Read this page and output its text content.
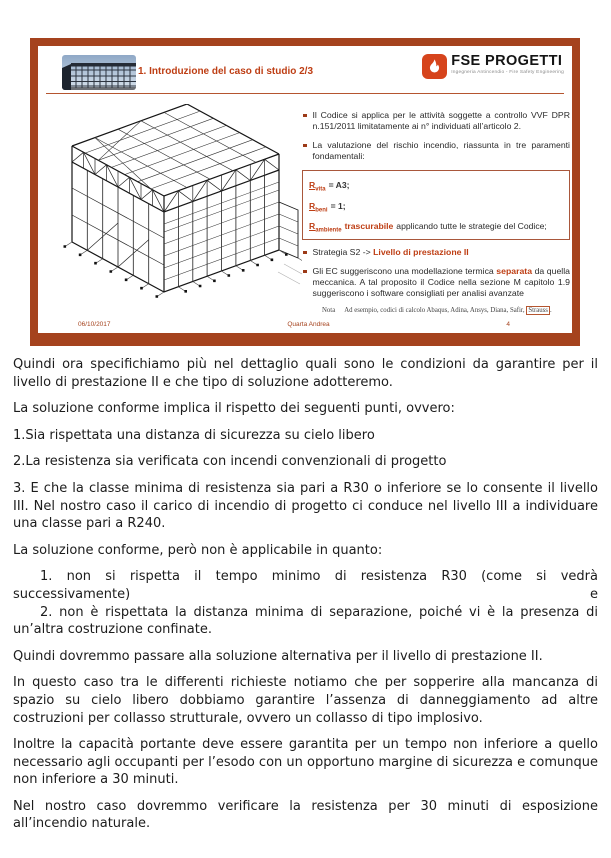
1. Introduzione del caso di studio 2/3
FSE PROGETTI
Ingegneria Antincendio - Fire Safety Engineering
Il Codice si applica per le attività soggette a controllo VVF DPR n.151/2011 limitatamente ai n° individuati all’articolo 2.
La valutazione del rischio incendio, riassunta in tre paramenti fondamentali:
$R_{vita} = A3$;
$R_{beni} = 1$;
$R_{ambiente}$ trascurabile applicando tutte le strategie del Codice;
Strategia S2 -> Livello di prestazione II
Gli EC suggeriscono una modellazione termica separata da quella meccanica. A tal proposito il Codice nella sezione M capitolo 1.9 suggeriscono i software consigliati per analisi avanzate
Nota Ad esempio, codici di calcolo Abaqus, Adina, Ansys, Diana, Safir, Strauss .
06/10/2017	Quarta Andrea	4

Quindi ora specifichiamo più nel dettaglio quali sono le condizioni da garantire per il livello di prestazione II e che tipo di soluzione adotteremo.

La soluzione conforme implica il rispetto dei seguenti punti, ovvero:

1.Sia rispettata una distanza di sicurezza su cielo libero

2.La resistenza sia verificata con incendi convenzionali di progetto

3. E che la classe minima di resistenza sia pari a R30 o inferiore se lo consente il livello III. Nel nostro caso il carico di incendio di progetto ci conduce nel livello III a individuare una classe pari a R240.

La soluzione conforme, però non è applicabile in quanto:

1. non si rispetta il tempo minimo di resistenza R30 (come si vedrà successivamente) e

2. non è rispettata la distanza minima di separazione, poiché vi è la presenza di un’altra costruzione confinate.

Quindi dovremmo passare alla soluzione alternativa per il livello di prestazione II.

In questo caso tra le differenti richieste notiamo che per sopperire alla mancanza di spazio su cielo libero dobbiamo garantire l’assenza di danneggiamento ad altre costruzioni per collasso strutturale, ovvero un collasso di tipo implosivo.

Inoltre la capacità portante deve essere garantita per un tempo non inferiore a quello necessario agli occupanti per l’esodo con un opportuno margine di sicurezza e comunque non inferiore a 30 minuti.

Nel nostro caso dovremmo verificare la resistenza per 30 minuti di esposizione all’incendio naturale.
